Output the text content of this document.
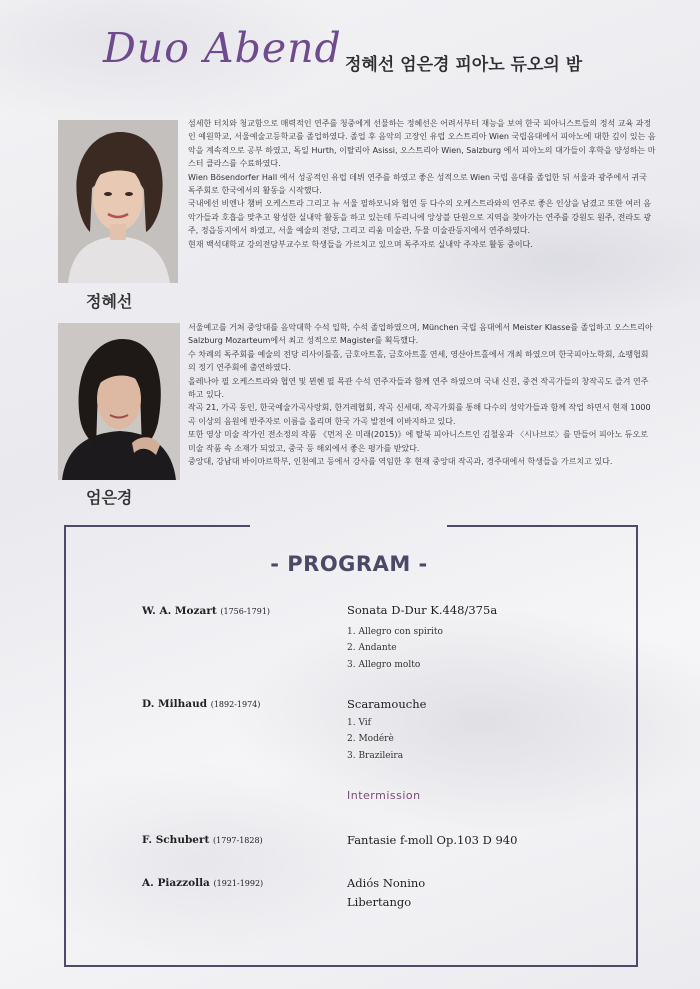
Duo Abend 정혜선 엄은경 피아노 듀오의 밤
정혜선

섬세한 터치와 청교함으로 매력적인 연주를 청중에게 선물하는 정혜선은 어려서부터 재능을 보여 한국 피아니스트들의 정석 교육 과정인 예원학교, 서울예술고등학교를 졸업하였다. 졸업 후 음악의 고장인 유럽 오스트리아 Wien 국립음대에서 피아노에 대한 깊이 있는 음악을 계속적으로 공부 하였고, 독일 Hurth, 이탈리아 Asissi, 오스트리아 Wien, Salzburg 에서 피아노의 대가들이 후학을 양성하는 마스터 클라스를 수료하였다.

Wien Bösendorfer Hall 에서 성공적인 유럽 데뷔 연주를 하였고 좋은 성적으로 Wien 국립 음대를 졸업한 뒤 서울과 광주에서 귀국 독주회로 한국에서의 활동을 시작했다.

국내에선 비엔나 챔버 오케스트라 그리고 뉴 서울 필하모니와 협연 등 다수의 오케스트라와의 연주로 좋은 인상을 남겼고 또한 여러 음악가들과 호흡을 맞추고 왕성한 실내악 활동을 하고 있는데 두리니에 앙상블 단원으로 지역을 찾아가는 연주를 강원도 원주, 전라도 광주, 정읍등지에서 하였고, 서울 예술의 전당, 그리고 리움 미술관, 두물 미술관등지에서 연주하였다.

현재 백석대학교 강의전담부교수로 학생들을 가르치고 있으며 독주자로 실내악 주자로 활동 중이다.

엄은경

서울예고를 거쳐 중앙대를 음악대학 수석 입학, 수석 졸업하였으며, München 국립 음대에서 Meister Klasse를 졸업하고 오스트리아 Salzburg Mozarteum에서 최고 성적으로 Magister를 획득했다.

수 차례의 독주회를 예술의 전당 리사이틀홀, 금호아트홀, 금호아트홀 연세, 영산아트홀에서 개최 하였으며 한국피아노학회, 쇼팽협회의 정기 연주회에 출연하였다.

올레나아 필 오케스트라와 협연 및 뮌헨 필 목관 수석 연주자들과 함께 연주 하였으며 국내 신진, 중견 작곡가들의 창작곡도 즐겨 연주 하고 있다.

작곡 21, 가곡 동인, 한국예술가곡사랑회, 한겨레협회, 작곡 신세대, 작곡가회를 통해 다수의 성악가들과 함께 작업 하면서 현재 1000곡 이상의 음원에 반주자로 이름을 올리며 한국 가곡 발전에 이바지하고 있다.

또한 영상 미술 작가인 전소정의 작품 《먼저 온 미래(2015)》에 탈북 피아니스트인 김철웅과 〈시나브로〉를 만들어 피아노 듀오로 미술 작품 속 소재가 되었고, 중국 등 해외에서 좋은 평가를 받았다.

중앙대, 강남대 바이마르학부, 인천예고 등에서 강사를 역임한 후 현재 중앙대 작곡과, 경주대에서 학생들을 가르치고 있다.

- PROGRAM -
W. A. Mozart (1756-1791)	Sonata D-Dur K.448/375a
1. Allegro con spirito
2. Andante
3. Allegro molto
D. Milhaud (1892-1974)	Scaramouche
1. Vif
2. Modérè
3. Brazileira
Intermission
F. Schubert (1797-1828)	Fantasie f-moll Op.103 D 940
A. Piazzolla (1921-1992)	Adiós Nonino
Libertango
